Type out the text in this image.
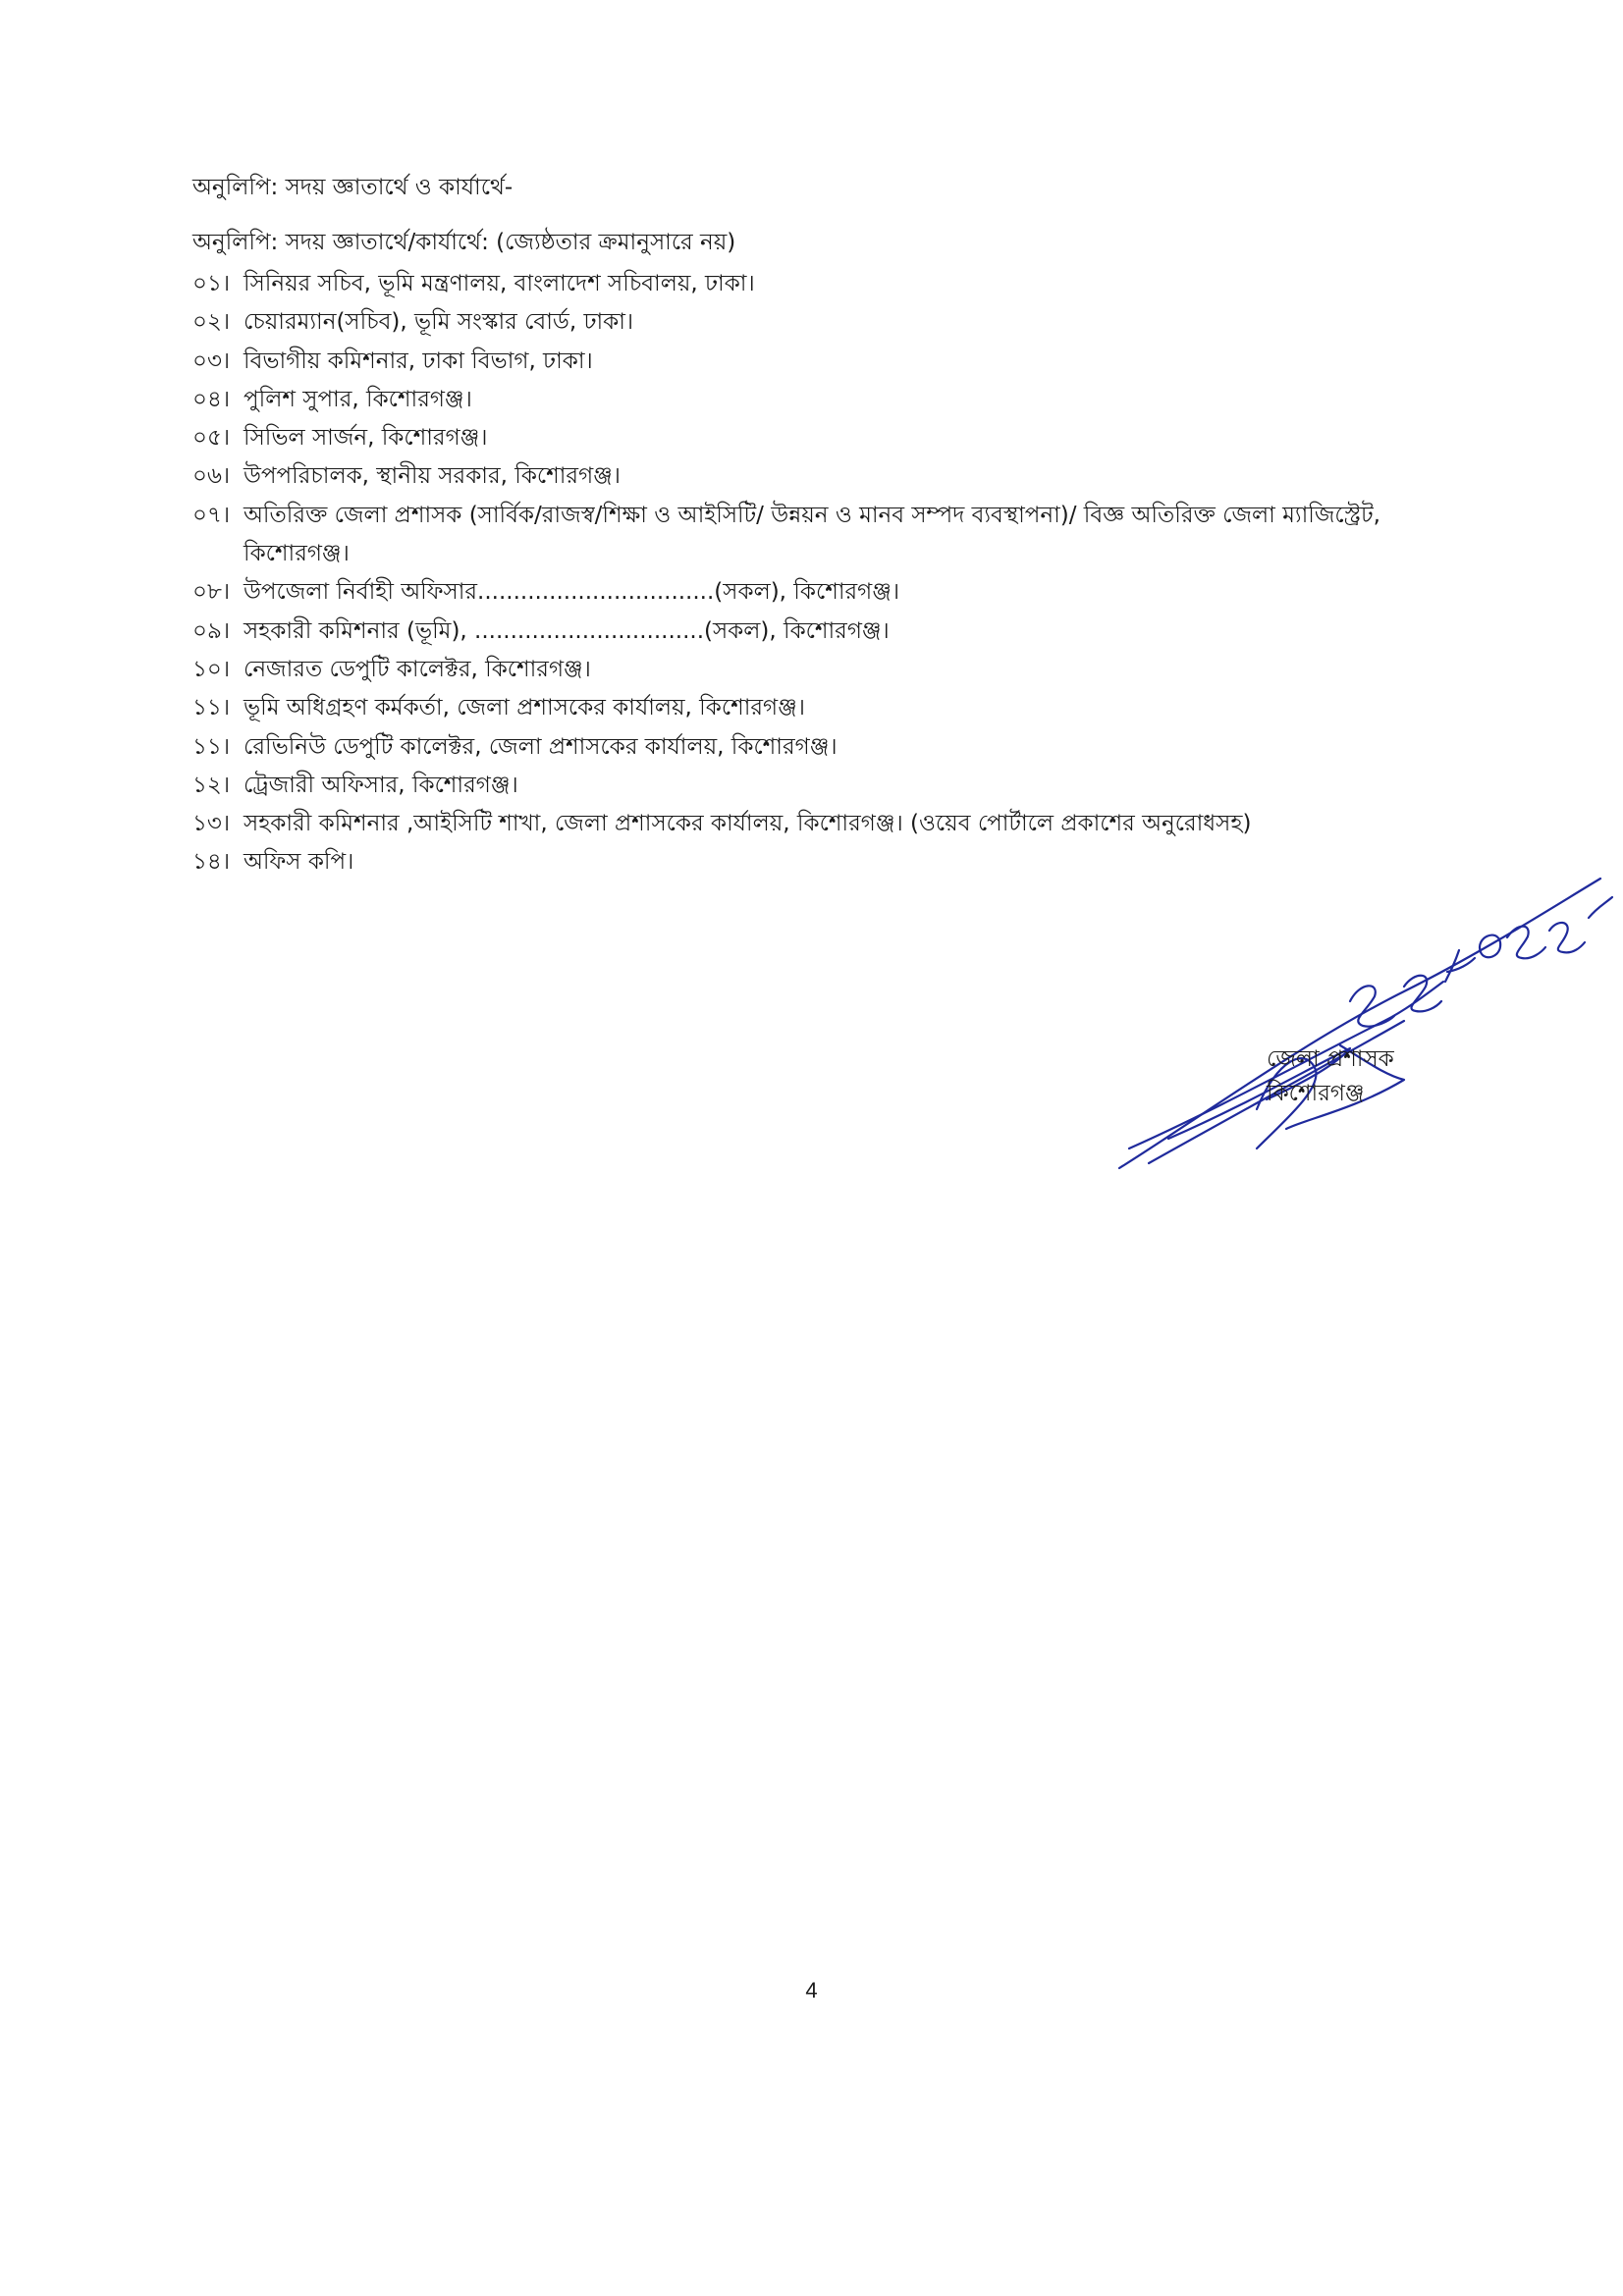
অনুলিপি: সদয় জ্ঞাতার্থে ও কার্যার্থে-
অনুলিপি: সদয় জ্ঞাতার্থে/কার্যার্থে: (জ্যেষ্ঠতার ক্রমানুসারে নয়)
০১। সিনিয়র সচিব, ভূমি মন্ত্রণালয়, বাংলাদেশ সচিবালয়, ঢাকা।
০২। চেয়ারম্যান(সচিব), ভূমি সংস্কার বোর্ড, ঢাকা।
০৩। বিভাগীয় কমিশনার, ঢাকা বিভাগ, ঢাকা।
০৪। পুলিশ সুপার, কিশোরগঞ্জ।
০৫। সিভিল সার্জন, কিশোরগঞ্জ।
০৬। উপপরিচালক, স্থানীয় সরকার, কিশোরগঞ্জ।
০৭। অতিরিক্ত জেলা প্রশাসক (সার্বিক/রাজস্ব/শিক্ষা ও আইসিটি/ উন্নয়ন ও মানব সম্পদ ব্যবস্থাপনা)/ বিজ্ঞ অতিরিক্ত জেলা ম্যাজিস্ট্রেট,
কিশোরগঞ্জ।
০৮। উপজেলা নির্বাহী অফিসার.................................(সকল), কিশোরগঞ্জ।
০৯। সহকারী কমিশনার (ভূমি), ................................(সকল), কিশোরগঞ্জ।
১০। নেজারত ডেপুটি কালেক্টর, কিশোরগঞ্জ।
১১। ভূমি অধিগ্রহণ কর্মকর্তা, জেলা প্রশাসকের কার্যালয়, কিশোরগঞ্জ।
১১। রেভিনিউ ডেপুটি কালেক্টর, জেলা প্রশাসকের কার্যালয়, কিশোরগঞ্জ।
১২। ট্রেজারী অফিসার, কিশোরগঞ্জ।
১৩। সহকারী কমিশনার ,আইসিটি শাখা, জেলা প্রশাসকের কার্যালয়, কিশোরগঞ্জ। (ওয়েব পোর্টালে প্রকাশের অনুরোধসহ)
১৪। অফিস কপি।
জেলা প্রশাসক
কিশোরগঞ্জ
4
